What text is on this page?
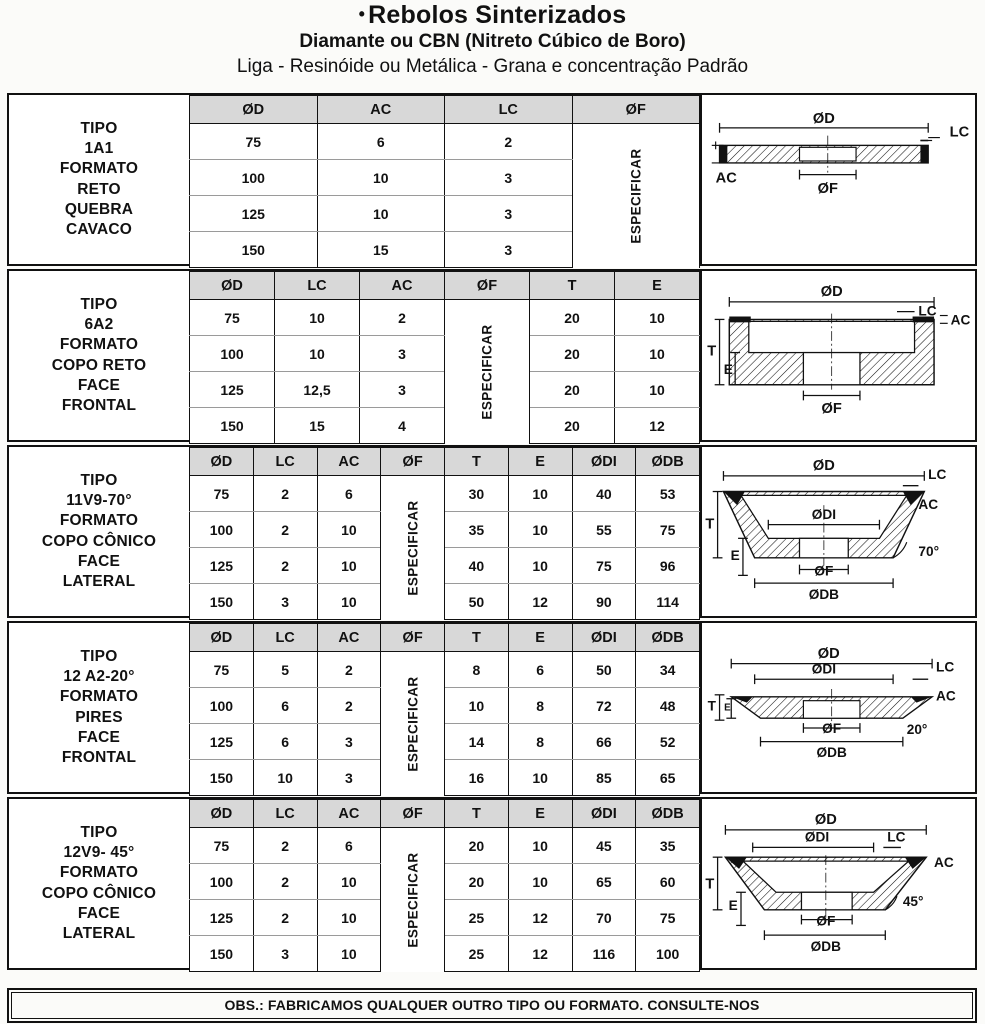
• Rebolos Sinterizados
Diamante ou CBN (Nitreto Cúbico de Boro)
Liga - Resinóide ou Metálica - Grana e concentração Padrão
TIPO
1A1
FORMATO
RETO
QUEBRA
CAVACO
ØD	AC	LC	ØF
75	6	2	ESPECIFICAR

100	10	3	
125	10	3	
150	15	3	
ØD
LC
AC
ØF
TIPO
6A2
FORMATO
COPO RETO
FACE
FRONTAL
ØD	LC	AC	ØF	T	E
75	10	2	ESPECIFICAR	20	10
100	10	3		20	10
125	12,5	3		20	10
150	15	4		20	12
ØD
LC
AC
T
E
ØF
TIPO
11V9-70°
FORMATO
COPO CÔNICO
FACE
LATERAL
ØD	LC	AC	ØF	T	E	ØDI	ØDB
75	2	6	ESPECIFICAR	30	10	40	53
100	2	10		35	10	55	75
125	2	10		40	10	75	96
150	3	10		50	12	90	114
ØD
LC
AC
ØDI
T
E
ØF
ØDB
70°
TIPO
12 A2-20°
FORMATO
PIRES
FACE
FRONTAL
ØD	LC	AC	ØF	T	E	ØDI	ØDB
75	5	2	ESPECIFICAR	8	6	50	34
100	6	2		10	8	72	48
125	6	3		14	8	66	52
150	10	3		16	10	85	65
ØD
ØDI	LC
AC
T E
ØF
ØDB
20°
TIPO
12V9- 45°
FORMATO
COPO CÔNICO
FACE
LATERAL
ØD	LC	AC	ØF	T	E	ØDI	ØDB
75	2	6	ESPECIFICAR	20	10	45	35
100	2	10		20	10	65	60
125	2	10		25	12	70	75
150	3	10		25	12	116	100
ØD
ØDI	LC
AC
T
E
ØF
ØDB
45°
OBS.: FABRICAMOS QUALQUER OUTRO TIPO OU FORMATO. CONSULTE-NOS
